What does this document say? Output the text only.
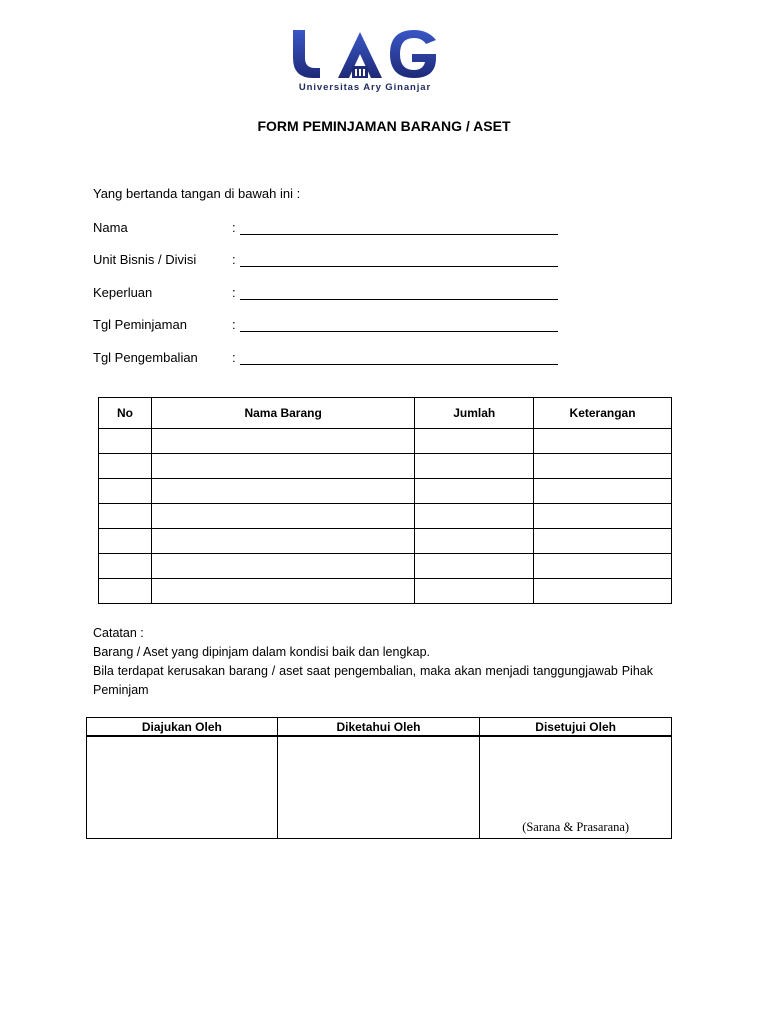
Universitas Ary Ginanjar
FORM PEMINJAMAN BARANG / ASET
Yang bertanda tangan di bawah ini :
Nama	:
Unit Bisnis / Divisi	:
Keperluan	:
Tgl Peminjaman	:
Tgl Pengembalian	:
No	Nama Barang	Jumlah	Keterangan

Catatan :

Barang / Aset yang dipinjam dalam kondisi baik dan lengkap.

Bila terdapat kerusakan barang / aset saat pengembalian, maka akan menjadi tanggungjawab Pihak Peminjam

Diajukan Oleh	Diketahui Oleh	Disetujui Oleh
		(Sarana & Prasarana)
